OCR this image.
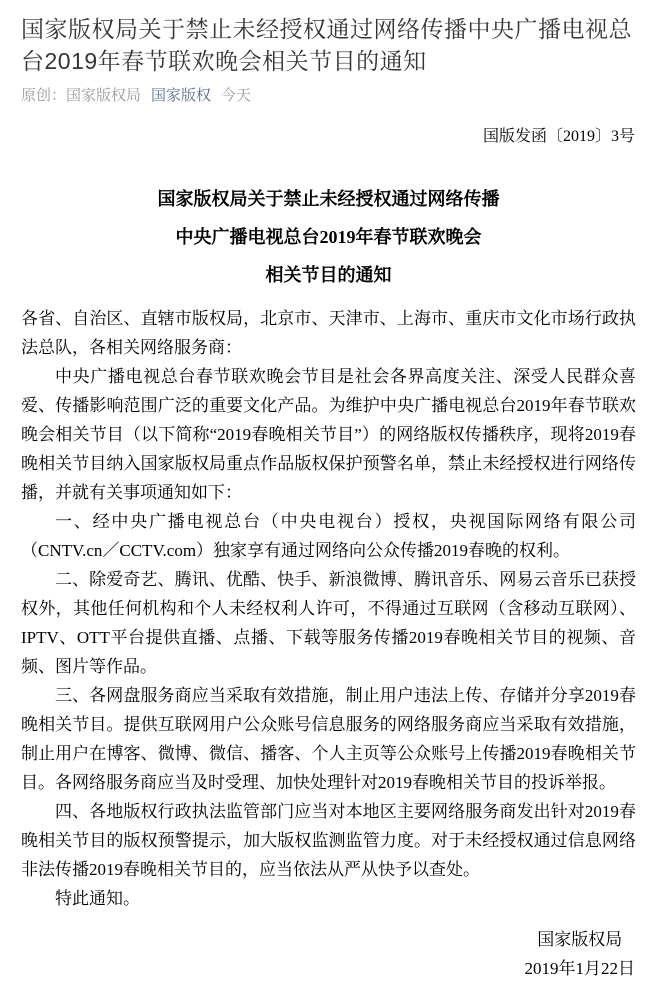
国家版权局关于禁止未经授权通过网络传播中央广播电视总台2019年春节联欢晚会相关节目的通知
原创：国家版权局 国家版权 今天
国版发函〔2019〕3号
国家版权局关于禁止未经授权通过网络传播
中央广播电视总台2019年春节联欢晚会
相关节目的通知

各省、自治区、直辖市版权局，北京市、天津市、上海市、重庆市文化市场行政执法总队，各相关网络服务商：

中央广播电视总台春节联欢晚会节目是社会各界高度关注、深受人民群众喜爱、传播影响范围广泛的重要文化产品。为维护中央广播电视总台2019年春节联欢晚会相关节目（以下简称“2019春晚相关节目”）的网络版权传播秩序，现将2019春晚相关节目纳入国家版权局重点作品版权保护预警名单，禁止未经授权进行网络传播，并就有关事项通知如下：

一、经中央广播电视总台（中央电视台）授权，央视国际网络有限公司（CNTV.cn／CCTV.com）独家享有通过网络向公众传播2019春晚的权利。

二、除爱奇艺、腾讯、优酷、快手、新浪微博、腾讯音乐、网易云音乐已获授权外，其他任何机构和个人未经权利人许可，不得通过互联网（含移动互联网）、IPTV、OTT平台提供直播、点播、下载等服务传播2019春晚相关节目的视频、音频、图片等作品。

三、各网盘服务商应当采取有效措施，制止用户违法上传、存储并分享2019春晚相关节目。提供互联网用户公众账号信息服务的网络服务商应当采取有效措施，制止用户在博客、微博、微信、播客、个人主页等公众账号上传播2019春晚相关节目。各网络服务商应当及时受理、加快处理针对2019春晚相关节目的投诉举报。

四、各地版权行政执法监管部门应当对本地区主要网络服务商发出针对2019春晚相关节目的版权预警提示，加大版权监测监管力度。对于未经授权通过信息网络非法传播2019春晚相关节目的，应当依法从严从快予以查处。

特此通知。

国家版权局
2019年1月22日
